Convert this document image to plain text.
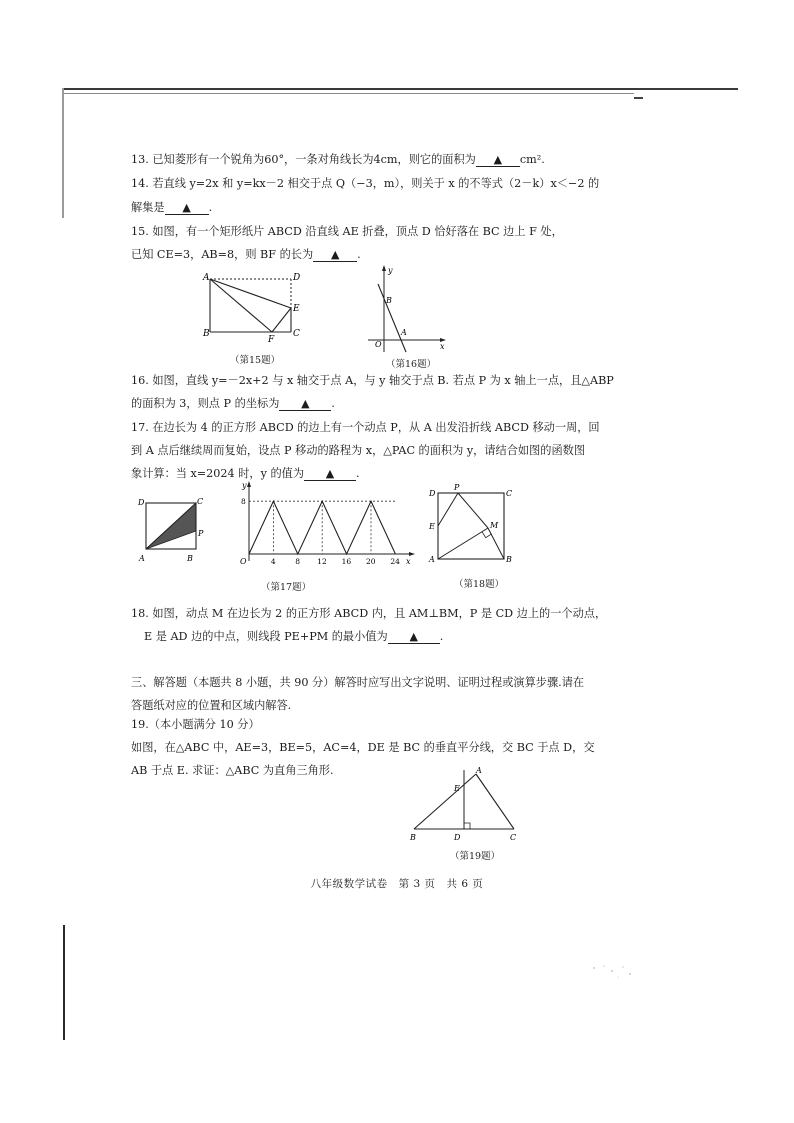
13. 已知菱形有一个锐角为60°，一条对角线长为4cm，则它的面积为 ▲ cm².
14. 若直线 y=2x 和 y=kx－2 相交于点 Q（−3，m），则关于 x 的不等式（2－k）x＜−2 的
解集是 ▲ .
15. 如图，有一个矩形纸片 ABCD 沿直线 AE 折叠，顶点 D 恰好落在 BC 边上 F 处，
已知 CE=3，AB=8，则 BF 的长为 ▲ .
A	D
E
B
F
C
（第15题）
y
x
O
B
A
（第16题）
16. 如图，直线 y=－2x+2 与 x 轴交于点 A，与 y 轴交于点 B. 若点 P 为 x 轴上一点，且△ABP
的面积为 3，则点 P 的坐标为 ▲ .
17. 在边长为 4 的正方形 ABCD 的边上有一个动点 P，从 A 出发沿折线 ABCD 移动一周，回
到 A 点后继续周而复始，设点 P 移动的路程为 x，△PAC 的面积为 y，请结合如图的函数图
象计算：当 x=2024 时，y 的值为 ▲ .
D	C
P
A	B
y
x
O	4	8 12 16 20 24
8
（第17题）
D
P
C
E	M
A	B
（第18题）
18. 如图，动点 M 在边长为 2 的正方形 ABCD 内，且 AM⊥BM，P 是 CD 边上的一个动点，
E 是 AD 边的中点，则线段 PE+PM 的最小值为 ▲ .
三、解答题（本题共 8 小题，共 90 分）解答时应写出文字说明、证明过程或演算步骤.请在
答题纸对应的位置和区域内解答.
19.（本小题满分 10 分）
如图，在△ABC 中，AE=3，BE=5，AC=4，DE 是 BC 的垂直平分线，交 BC 于点 D，交
AB 于点 E. 求证：△ABC 为直角三角形.	A
E
B	D	C
（第19题）
八年级数学试卷　第 3 页　共 6 页
